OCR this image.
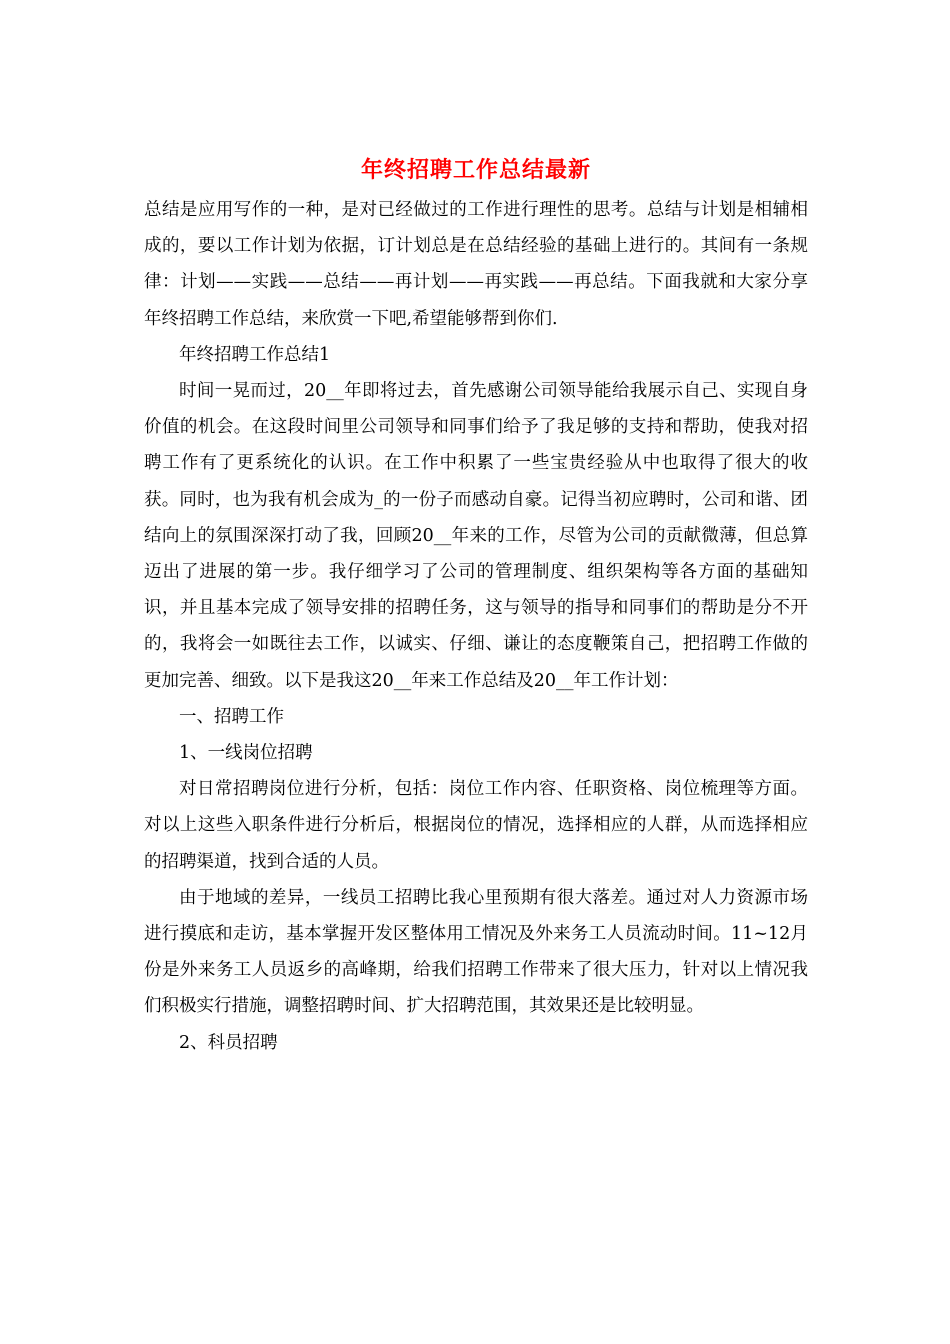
年终招聘工作总结最新

总结是应用写作的一种，是对已经做过的工作进行理性的思考。总结与计划是相辅相成的，要以工作计划为依据，订计划总是在总结经验的基础上进行的。其间有一条规律：计划——实践——总结——再计划——再实践——再总结。下面我就和大家分享年终招聘工作总结，来欣赏一下吧,希望能够帮到你们.

年终招聘工作总结1

时间一晃而过，20__年即将过去，首先感谢公司领导能给我展示自己、实现自身价值的机会。在这段时间里公司领导和同事们给予了我足够的支持和帮助，使我对招聘工作有了更系统化的认识。在工作中积累了一些宝贵经验从中也取得了很大的收获。同时，也为我有机会成为_的一份子而感动自豪。记得当初应聘时，公司和谐、团结向上的氛围深深打动了我，回顾20__年来的工作，尽管为公司的贡献微薄，但总算迈出了进展的第一步。我仔细学习了公司的管理制度、组织架构等各方面的基础知识，并且基本完成了领导安排的招聘任务，这与领导的指导和同事们的帮助是分不开的，我将会一如既往去工作，以诚实、仔细、谦让的态度鞭策自己，把招聘工作做的更加完善、细致。以下是我这20__年来工作总结及20__年工作计划：

一、招聘工作

1、一线岗位招聘

对日常招聘岗位进行分析，包括：岗位工作内容、任职资格、岗位梳理等方面。对以上这些入职条件进行分析后，根据岗位的情况，选择相应的人群，从而选择相应的招聘渠道，找到合适的人员。

由于地域的差异，一线员工招聘比我心里预期有很大落差。通过对人力资源市场进行摸底和走访，基本掌握开发区整体用工情况及外来务工人员流动时间。11~12月份是外来务工人员返乡的高峰期，给我们招聘工作带来了很大压力，针对以上情况我们积极实行措施，调整招聘时间、扩大招聘范围，其效果还是比较明显。

2、科员招聘
